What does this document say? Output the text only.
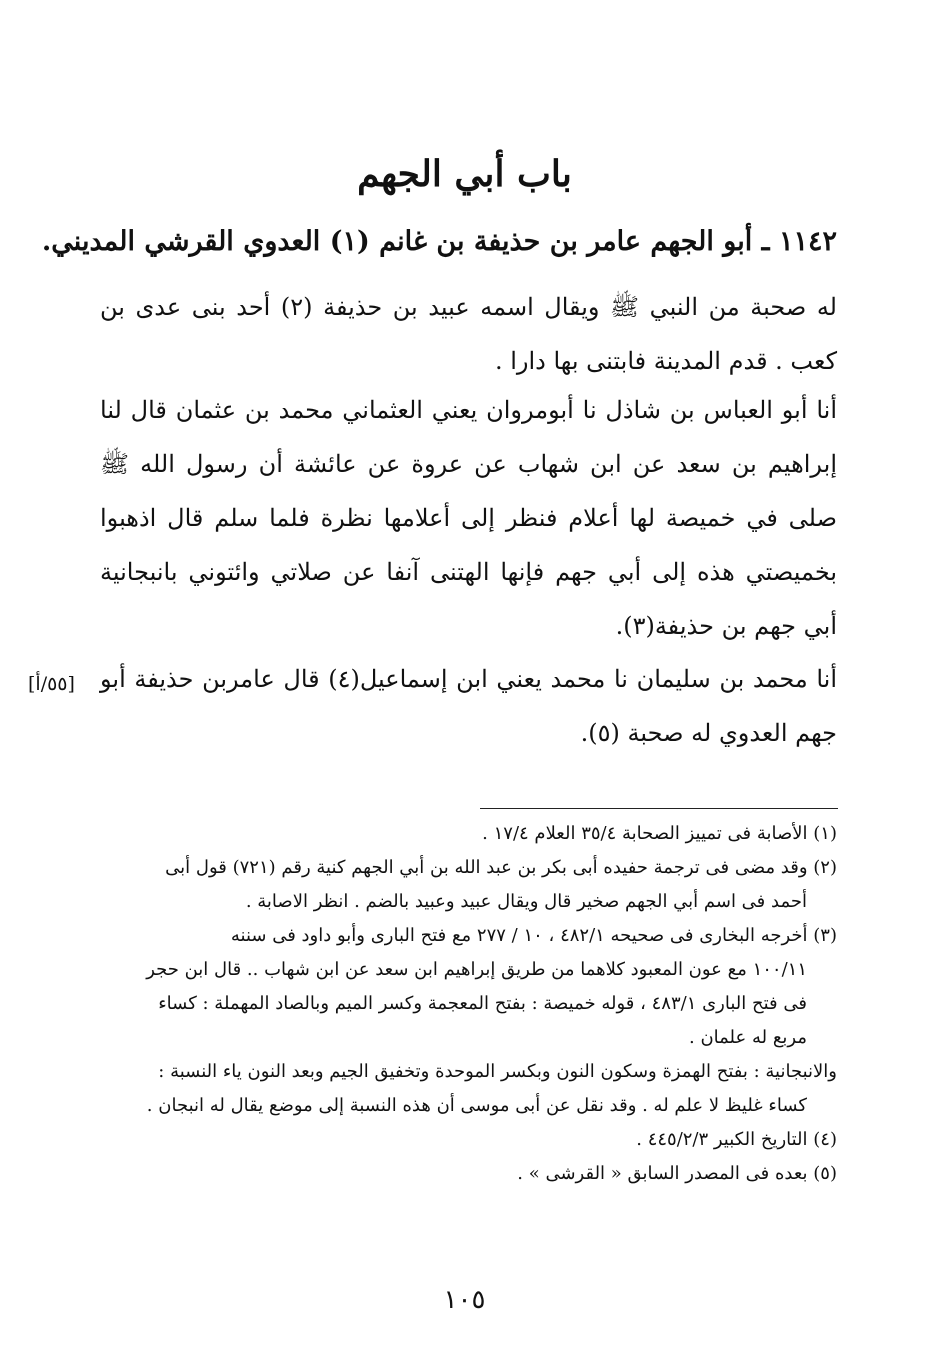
باب أبي الجهم
١١٤٢ ـ أبو الجهم عامر بن حذيفة بن غانم (١) العدوي القرشي المديني.
له صحبة من النبي ﷺ ويقال اسمه عبيد بن حذيفة (٢) أحد بنى عدى بن كعب . قدم المدينة فابتنى بها دارا .
أنا أبو العباس بن شاذل نا أبومروان يعني العثماني محمد بن عثمان قال لنا إبراهيم بن سعد عن ابن شهاب عن عروة عن عائشة أن رسول الله ﷺ صلى في خميصة لها أعلام فنظر إلى أعلامها نظرة فلما سلم قال اذهبوا بخميصتي هذه إلى أبي جهم فإنها الهتنى آنفا عن صلاتي وائتوني بانبجانية أبي جهم بن حذيفة(٣).
أنا محمد بن سليمان نا محمد يعني ابن إسماعيل(٤) قال عامربن حذيفة أبو جهم العدوي له صحبة (٥).
[٥٥/أ]
(١) الأصابة فى تمييز الصحابة ٣٥/٤ العلام ١٧/٤ .
(٢) وقد مضى فى ترجمة حفيده أبى بكر بن عبد الله بن أبي الجهم كنية رقم (٧٢١) قول أبى
أحمد فى اسم أبي الجهم صخير قال ويقال عبيد وعبيد بالضم . انظر الاصابة .
(٣) أخرجه البخارى فى صحيحه ٤٨٢/١ ، ١٠ / ٢٧٧ مع فتح البارى وأبو داود فى سننه
١٠٠/١١ مع عون المعبود كلاهما من طريق إبراهيم ابن سعد عن ابن شهاب .. قال ابن حجر
فى فتح البارى ٤٨٣/١ ، قوله خميصة : بفتح المعجمة وكسر الميم وبالصاد المهملة : كساء
مربع له علمان .
والانبجانية : بفتح الهمزة وسكون النون وبكسر الموحدة وتخفيق الجيم وبعد النون ياء النسبة :
كساء غليظ لا علم له . وقد نقل عن أبى موسى أن هذه النسبة إلى موضع يقال له انبجان .
(٤) التاريخ الكبير ٤٤٥/٢/٣ .
(٥) بعده فى المصدر السابق « القرشى » .
١٠٥
